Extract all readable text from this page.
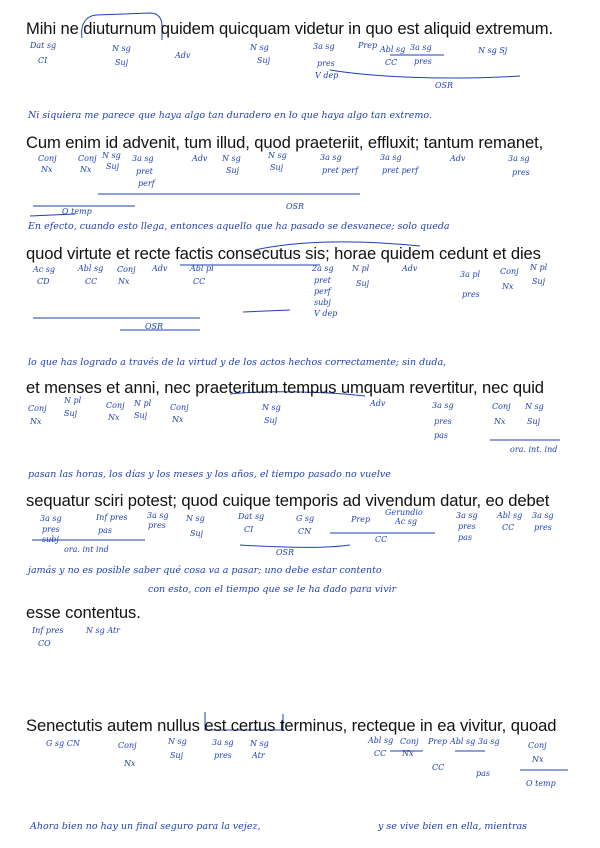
Mihi ne diuturnum quidem quicquam videtur in quo est aliquid extremum.
Cum enim id advenit, tum illud, quod praeteriit, effluxit; tantum remanet,
quod virtute et recte factis consecutus sis; horae quidem cedunt et dies
et menses et anni, nec praeteritum tempus umquam revertitur, nec quid
sequatur sciri potest; quod cuique temporis ad vivendum datur, eo debet
esse contentus.
Senectutis autem nullus est certus terminus, recteque in ea vivitur, quoad
Ni siquiera me parece que haya algo tan duradero en lo que haya algo tan extremo.
En efecto, cuando esto llega, entonces aquello que ha pasado se desvanece; solo queda
lo que has logrado a través de la virtud y de los actos hechos correctamente; sin duda,
pasan las horas, los días y los meses y los años, el tiempo pasado no vuelve
jamás y no es posible saber qué cosa va a pasar; uno debe estar contento
con esto, con el tiempo que se le ha dado para vivir
Ahora bien no hay un final seguro para la vejez,	y se vive bien en ella, mientras
Dat sg
CI
N sg
Suj
Adv
N sg
Suj
3a sg
pres
V dep
Prep Abl sg
CC
3a sg
pres
N sg Sj
OSR
Conj
Nx
Conj
Nx
N sg
Suj
3a sg
pret
perf
Adv N sg
Suj
N sg
Suj
3a sg
pret perf
3a sg
pret perf
Adv	3a sg
pres
O temp
OSR
Ac sg
CD
Abl sg
CC
Conj
Nx
Adv	Abl pl
CC
2a sg
pret
perf
subj
V dep
N pl
Suj
Adv
3a pl
pres
Conj
Nx
N pl
Suj
OSR
Conj
Nx
N pl
Suj
Conj
Nx
N pl
Suj
Conj
Nx
N sg
Suj
Adv	3a sg
pres
pas
Conj
Nx
N sg
Suj
ora. int. ind
3a sg
pres
subj
Inf pres
pas
3a sg
pres
N sg
Suj
Dat sg
CI
G sg
CN
Prep
Gerundio
Ac sg
CC
3a sg
pres
pas
Abl sg
CC
3a sg
pres
ora. int ind	OSR
Inf pres
CO
N sg Atr
G sg CN	Conj
Nx
N sg
Suj
3a sg
pres
N sg
Atr
Abl sg
CC
Conj
Nx
Prep Abl sg
CC
3a sg
pas
Conj
Nx
O temp
